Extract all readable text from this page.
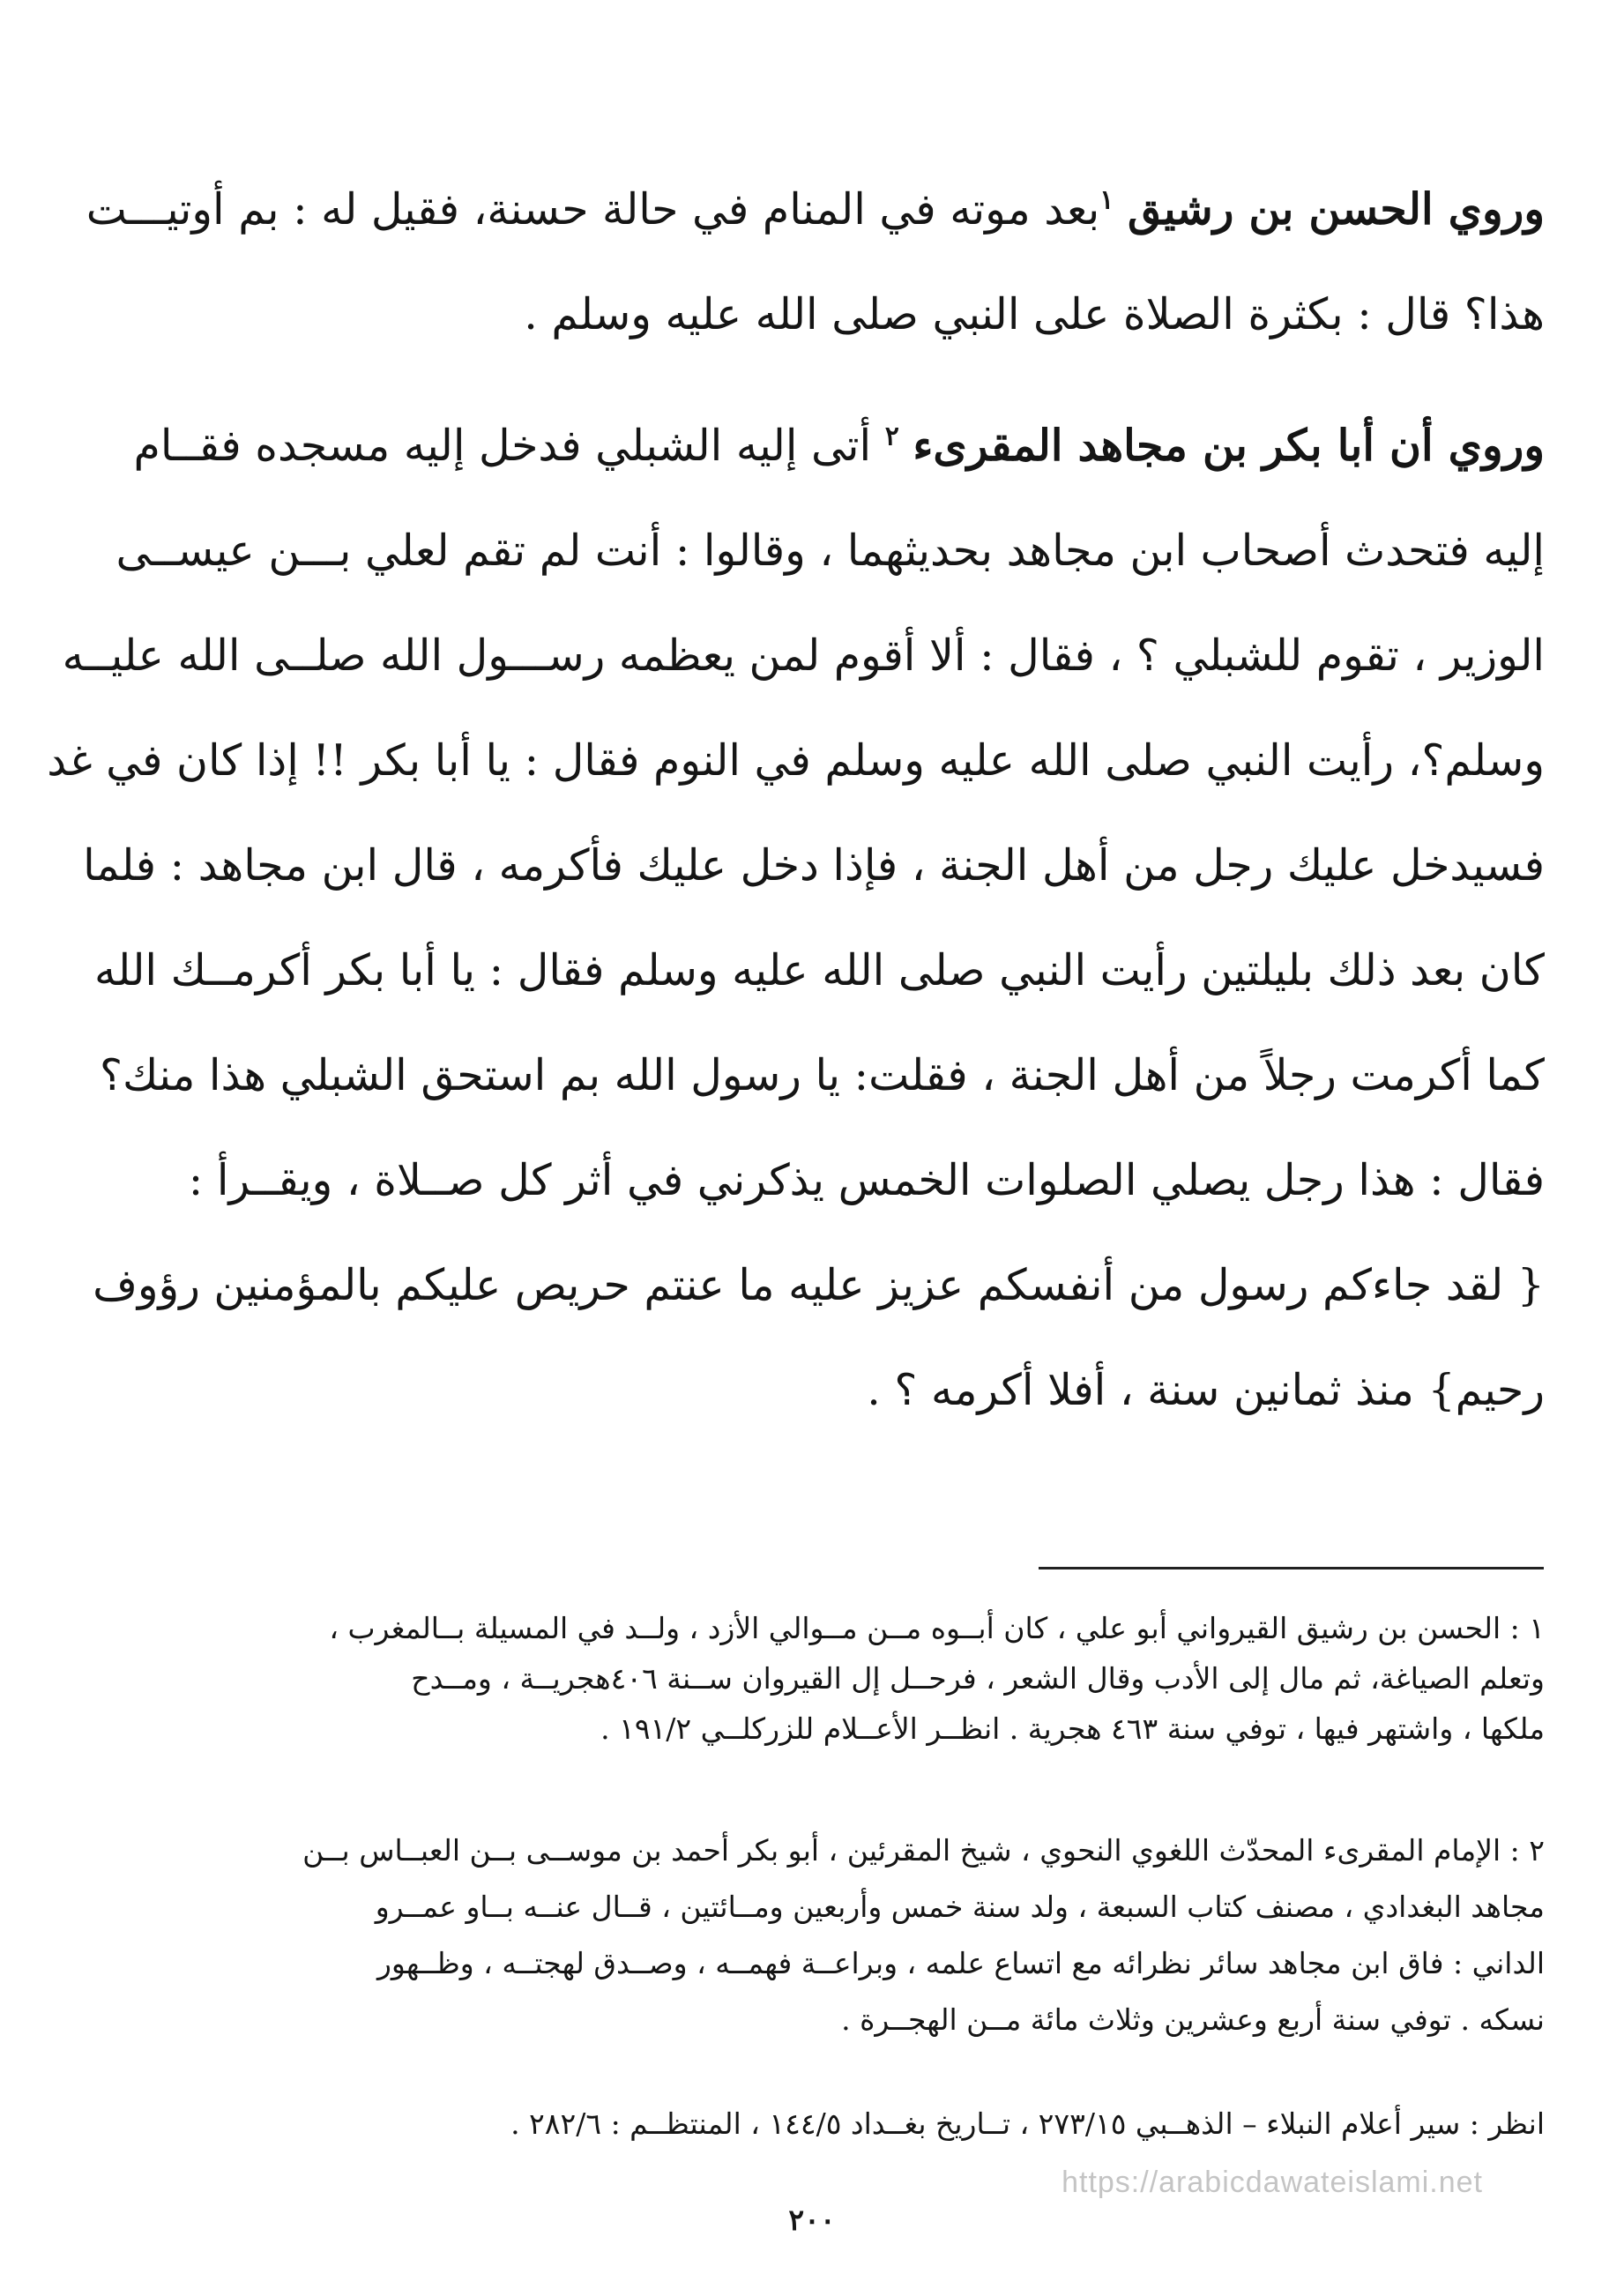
وروي الحسن بن رشيق $^١$بعد موته في المنام في حالة حسنة، فقيل له : بم أوتيـــت
هذا؟ قال : بكثرة الصلاة على النبي صلى الله عليه وسلم .
وروي أن أبا بكر بن مجاهد المقرىء $^٢$ أتى إليه الشبلي فدخل إليه مسجده فقــام
إليه فتحدث أصحاب ابن مجاهد بحديثهما ، وقالوا : أنت لم تقم لعلي بـــن عيســى
الوزير ، تقوم للشبلي ؟ ، فقال : ألا أقوم لمن يعظمه رســـول الله صلــى الله عليــه
وسلم؟، رأيت النبي صلى الله عليه وسلم في النوم فقال : يا أبا بكر !! إذا كان في غد
فسيدخل عليك رجل من أهل الجنة ، فإذا دخل عليك فأكرمه ، قال ابن مجاهد : فلما
كان بعد ذلك بليلتين رأيت النبي صلى الله عليه وسلم فقال : يا أبا بكر أكرمــك الله
كما أكرمت رجلاً من أهل الجنة ، فقلت: يا رسول الله بم استحق الشبلي هذا منك؟
فقال : هذا رجل يصلي الصلوات الخمس يذكرني في أثر كل صــلاة ، ويقــرأ :
{ لقد جاءكم رسول من أنفسكم عزيز عليه ما عنتم حريص عليكم بالمؤمنين رؤوف
رحيم} منذ ثمانين سنة ، أفلا أكرمه ؟ .
١ : الحسن بن رشيق القيرواني أبو علي ، كان أبــوه مــن مــوالي الأزد ، ولــد في المسيلة بــالمغرب ،
وتعلم الصياغة، ثم مال إلى الأدب وقال الشعر ، فرحــل إل القيروان ســنة ٤٠٦هجريــة ، ومــدح
ملكها ، واشتهر فيها ، توفي سنة ٤٦٣ هجرية . انظــر الأعــلام للزركلــي ١٩١/٢ .
٢ : الإمام المقرىء المحدّث اللغوي النحوي ، شيخ المقرئين ، أبو بكر أحمد بن موســى بــن العبــاس بــن
مجاهد البغدادي ، مصنف كتاب السبعة ، ولد سنة خمس وأربعين ومــائتين ، قــال عنــه بــاو عمــرو
الداني : فاق ابن مجاهد سائر نظرائه مع اتساع علمه ، وبراعــة فهمــه ، وصــدق لهجتــه ، وظــهور
نسكه . توفي سنة أربع وعشرين وثلاث مائة مــن الهجــرة .
انظر : سير أعلام النبلاء – الذهــبي ٢٧٣/١٥ ، تــاريخ بغــداد ١٤٤/٥ ، المنتظــم : ٢٨٢/٦ .
https://arabicdawateislami.net
٢٠٠
